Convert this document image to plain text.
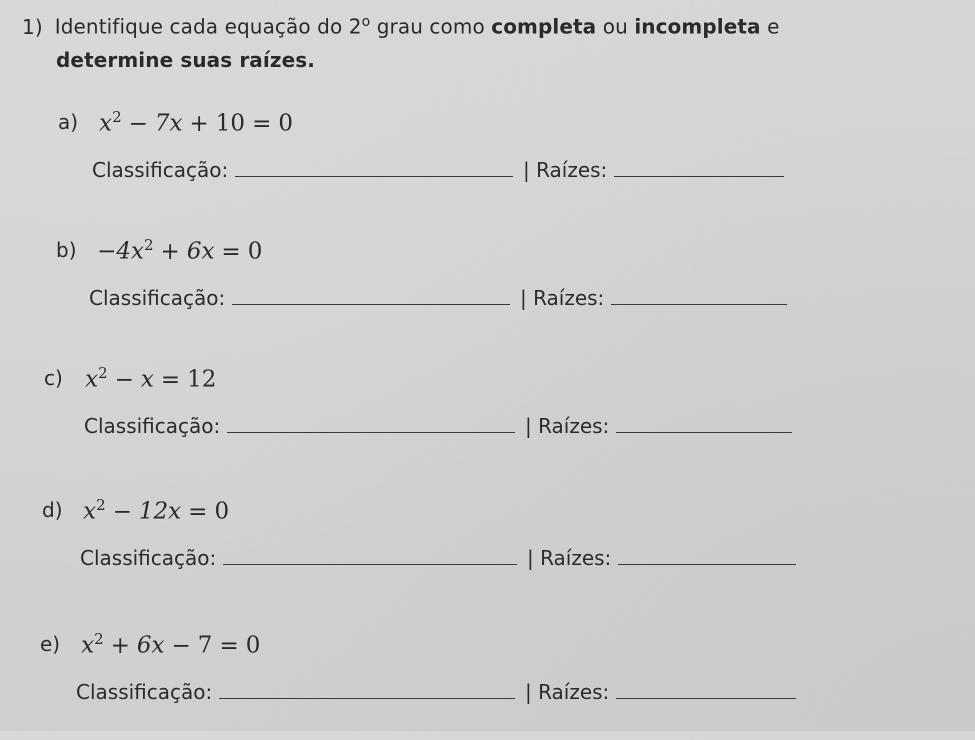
1) Identifique cada equação do 2$^o$ grau como completa ou incompleta e
determine suas raízes.
a) $x^2 - 7x + 10 = 0$
Classificação:	| Raízes:
$b) -4x^2 + 6x = 0$
Classificação:	| Raízes:
c) $x^2 - x = 12$
Classificação:	| Raízes:
d) $x^2 - 12x = 0$
Classificação:	| Raízes:
e) $x^2 + 6x - 7 = 0$
Classificação:	| Raízes:
